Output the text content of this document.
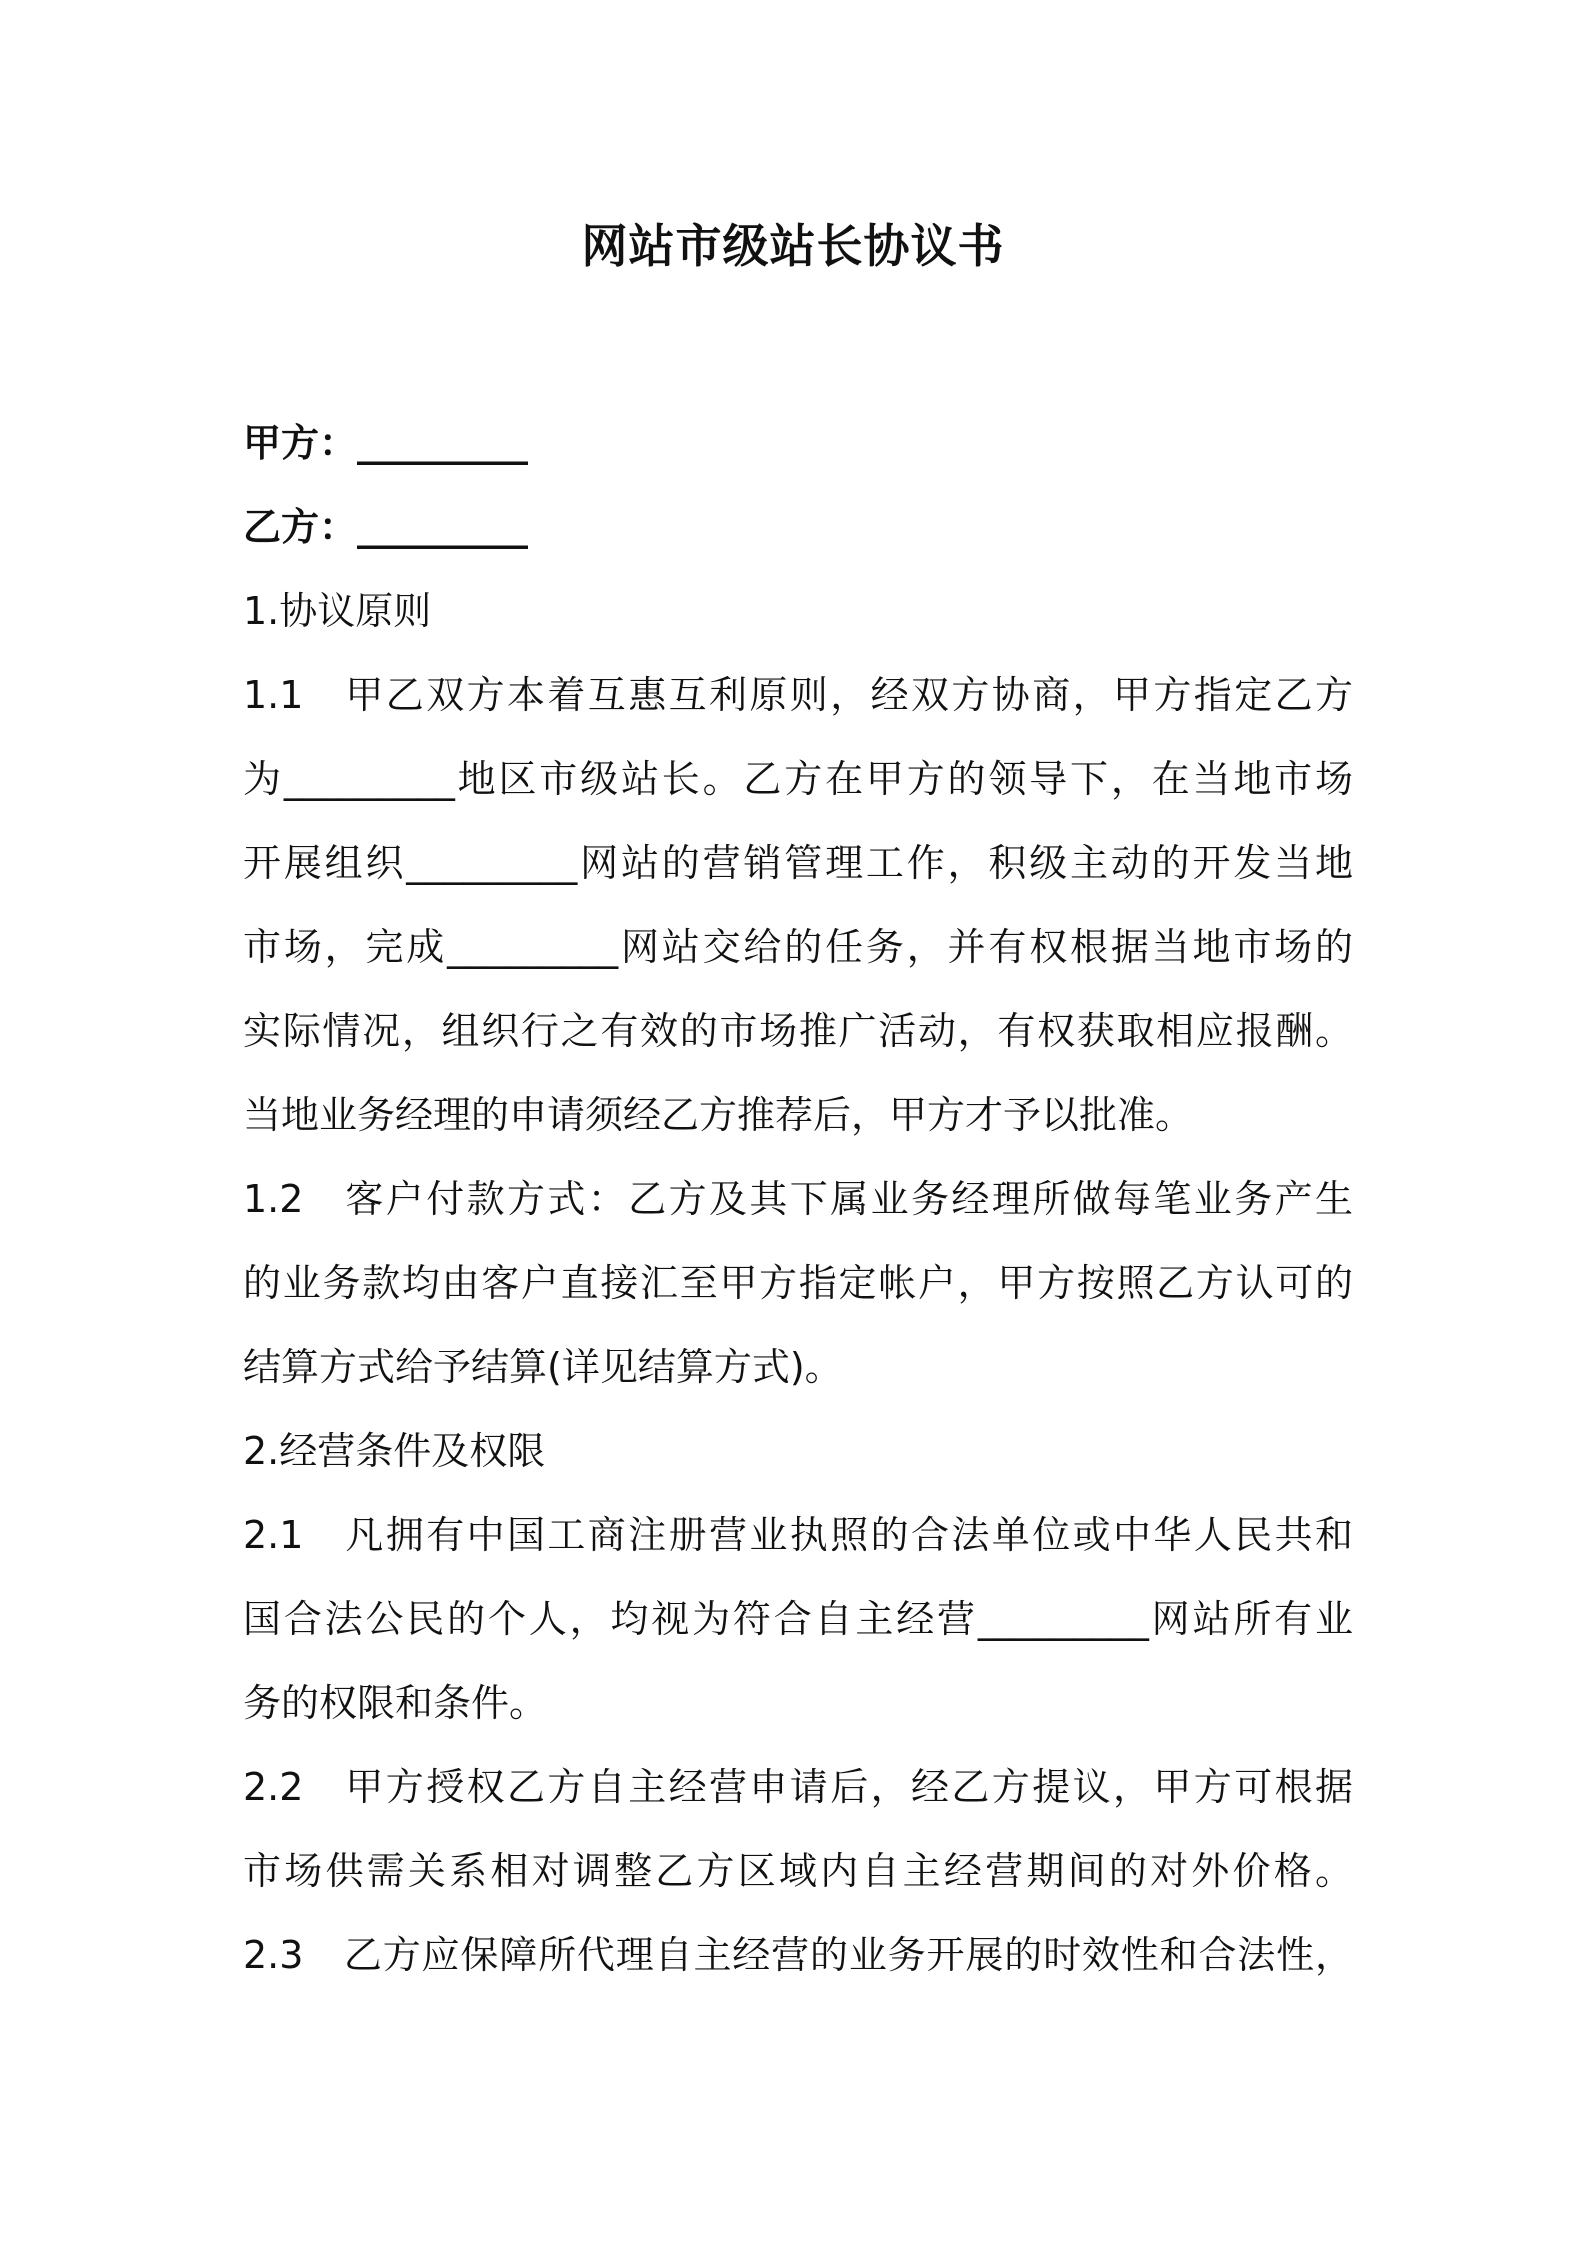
网站市级站长协议书
甲方：_________
乙方：_________
1.协议原则
1.1 甲乙双方本着互惠互利原则，经双方协商，甲方指定乙方
为_________地区市级站长。乙方在甲方的领导下，在当地市场
开展组织_________网站的营销管理工作，积级主动的开发当地
市场，完成_________网站交给的任务，并有权根据当地市场的
实际情况，组织行之有效的市场推广活动，有权获取相应报酬。
当地业务经理的申请须经乙方推荐后，甲方才予以批准。
1.2 客户付款方式：乙方及其下属业务经理所做每笔业务产生
的业务款均由客户直接汇至甲方指定帐户，甲方按照乙方认可的
结算方式给予结算(详见结算方式)。
2.经营条件及权限
2.1 凡拥有中国工商注册营业执照的合法单位或中华人民共和
国合法公民的个人，均视为符合自主经营_________网站所有业
务的权限和条件。
2.2 甲方授权乙方自主经营申请后，经乙方提议，甲方可根据
市场供需关系相对调整乙方区域内自主经营期间的对外价格。
2.3 乙方应保障所代理自主经营的业务开展的时效性和合法性，
